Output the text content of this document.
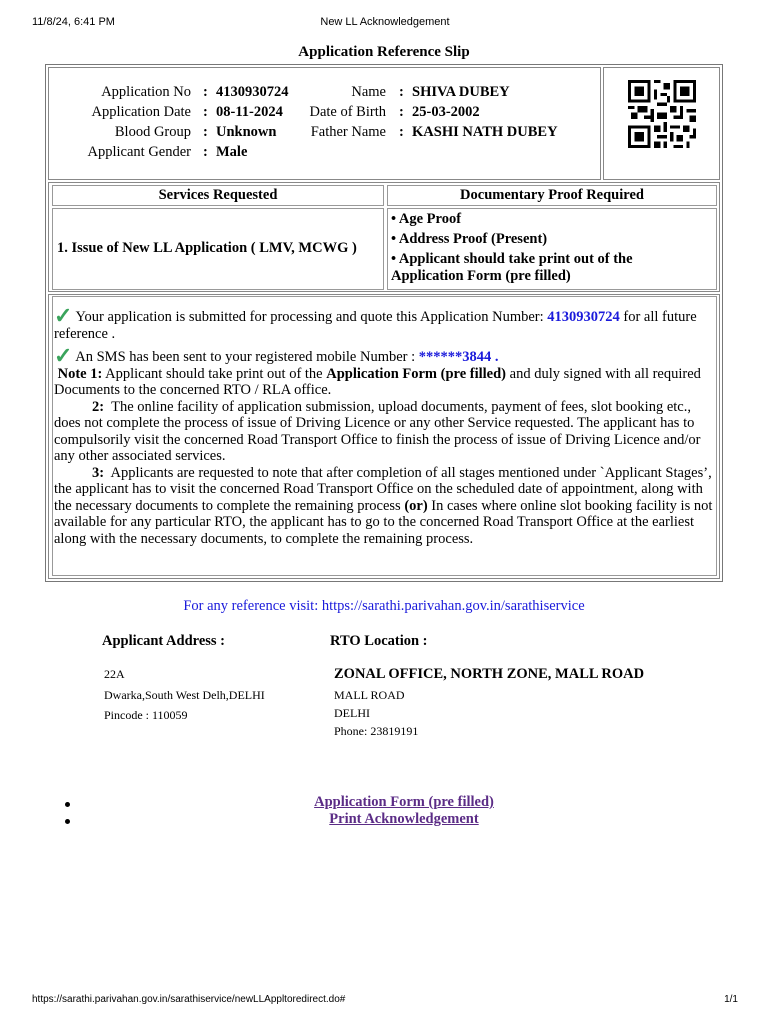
11/8/24, 6:41 PM	New LL Acknowledgement
Application Reference Slip
Application No : 4130930724	Name : SHIVA DUBEY
Application Date : 08-11-2024 Date of Birth : 25-03-2002
Blood Group : Unknown Father Name : KASHI NATH DUBEY
Applicant Gender : Male
Services Requested	Documentary Proof Required
1. Issue of New LL Application ( LMV, MCWG )
• Age Proof
• Address Proof (Present)
• Applicant should take print out of the
Application Form (pre filled)

✓ Your application is submitted for processing and quote this Application Number: 4130930724 for all future reference .

✓ An SMS has been sent to your registered mobile Number : ******3844 .

Note 1: Applicant should take print out of the Application Form (pre filled) and duly signed with all required Documents to the concerned RTO / RLA office.

2: The online facility of application submission, upload documents, payment of fees, slot booking etc., does not complete the process of issue of Driving Licence or any other Service requested. The applicant has to compulsorily visit the concerned Road Transport Office to finish the process of issue of Driving Licence and/or any other associated services.

3: Applicants are requested to note that after completion of all stages mentioned under `Applicant Stages’, the applicant has to visit the concerned Road Transport Office on the scheduled date of appointment, along with the necessary documents to complete the remaining process (or) In cases where online slot booking facility is not available for any particular RTO, the applicant has to go to the concerned Road Transport Office at the earliest along with the necessary documents, to complete the remaining process.

For any reference visit: https://sarathi.parivahan.gov.in/sarathiservice
Applicant Address :	RTO Location :
22A
Dwarka,South West Delh,DELHI
Pincode : 110059
ZONAL OFFICE, NORTH ZONE, MALL ROAD
MALL ROAD
DELHI
Phone: 23819191
Application Form (pre filled)
Print Acknowledgement
https://sarathi.parivahan.gov.in/sarathiservice/newLLAppltoredirect.do#	1/1
